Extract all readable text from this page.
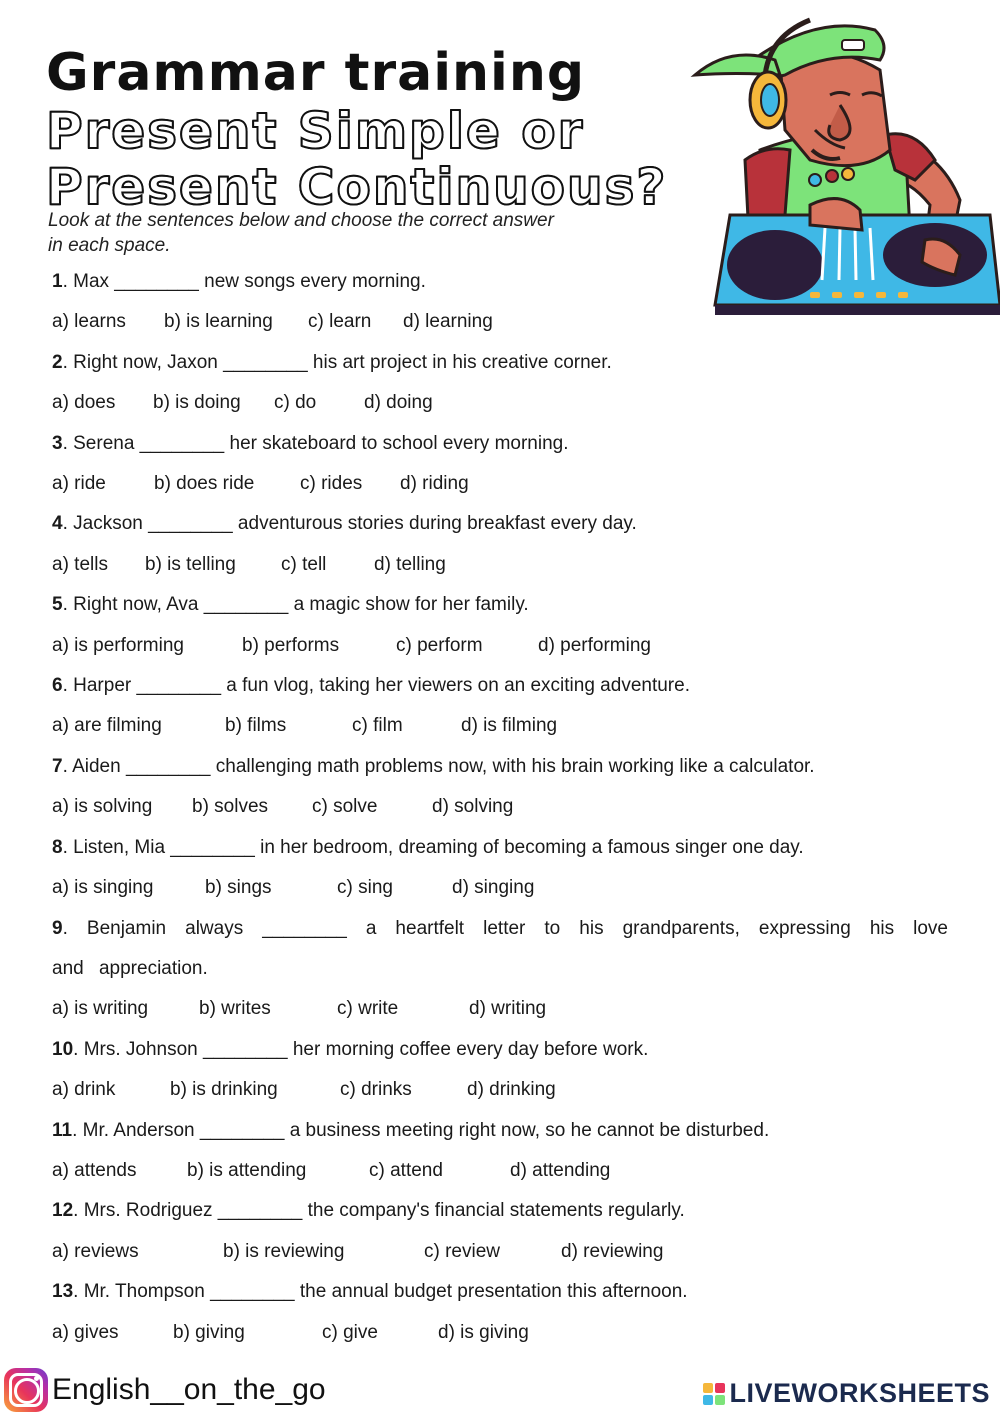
Grammar training
Present Simple or
Present Continuous?

Look at the sentences below and choose the correct answer in each space.

1. Max ________ new songs every morning.
a) learns	b) is learning	c) learn	d) learning
2. Right now, Jaxon ________ his art project in his creative corner.
a) does	b) is doing	c) do	d) doing
3. Serena ________ her skateboard to school every morning.
a) ride	b) does ride	c) rides	d) riding
4. Jackson ________ adventurous stories during breakfast every day.
a) tells	b) is telling	c) tell	d) telling
5. Right now, Ava ________ a magic show for her family.
a) is performing	b) performs	c) perform	d) performing
6. Harper ________ a fun vlog, taking her viewers on an exciting adventure.
a) are filming	b) films	c) film	d) is filming
7. Aiden ________ challenging math problems now, with his brain working like a calculator.
a) is solving	b) solves	c) solve	d) solving
8. Listen, Mia ________ in her bedroom, dreaming of becoming a famous singer one day.
a) is singing	b) sings	c) sing	d) singing
9. Benjamin always ________ a heartfelt letter to his grandparents, expressing his love and appreciation.
a) is writing	b) writes	c) write	d) writing
10. Mrs. Johnson ________ her morning coffee every day before work.
a) drink	b) is drinking	c) drinks	d) drinking
11. Mr. Anderson ________ a business meeting right now, so he cannot be disturbed.
a) attends	b) is attending	c) attend	d) attending
12. Mrs. Rodriguez ________ the company's financial statements regularly.
a) reviews	b) is reviewing	c) review	d) reviewing
13. Mr. Thompson ________ the annual budget presentation this afternoon.
a) gives	b) giving	c) give	d) is giving
English__on_the_go	LIVEWORKSHEETS
